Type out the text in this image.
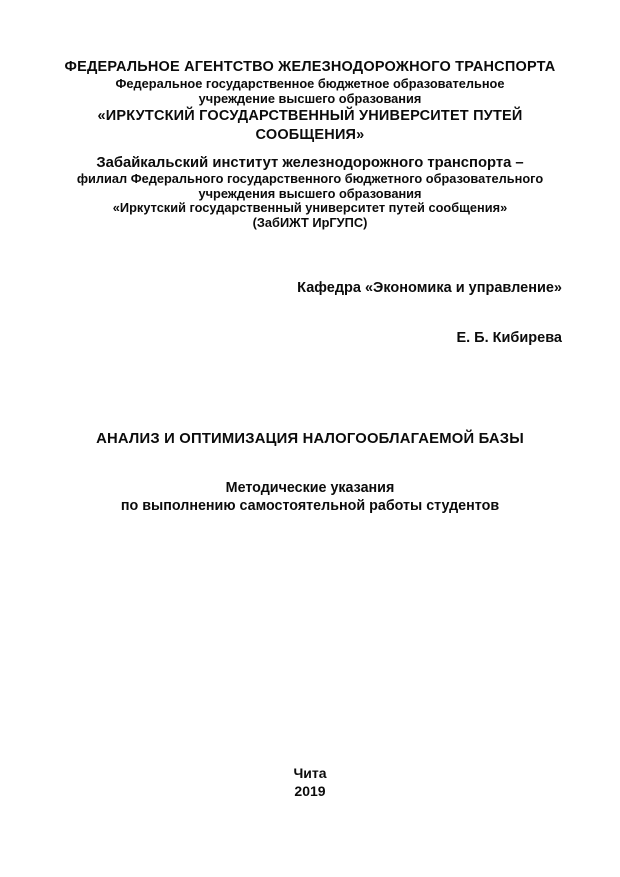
ФЕДЕРАЛЬНОЕ АГЕНТСТВО ЖЕЛЕЗНОДОРОЖНОГО ТРАНСПОРТА
Федеральное государственное бюджетное образовательное
учреждение высшего образования
«ИРКУТСКИЙ ГОСУДАРСТВЕННЫЙ УНИВЕРСИТЕТ ПУТЕЙ
СООБЩЕНИЯ»
Забайкальский институт железнодорожного транспорта –
филиал Федерального государственного бюджетного образовательного
учреждения высшего образования
«Иркутский государственный университет путей сообщения»
(ЗабИЖТ ИрГУПС)
Кафедра «Экономика и управление»
Е. Б. Кибирева
АНАЛИЗ И ОПТИМИЗАЦИЯ НАЛОГООБЛАГАЕМОЙ БАЗЫ
Методические указания
по выполнению самостоятельной работы студентов
Чита
2019
